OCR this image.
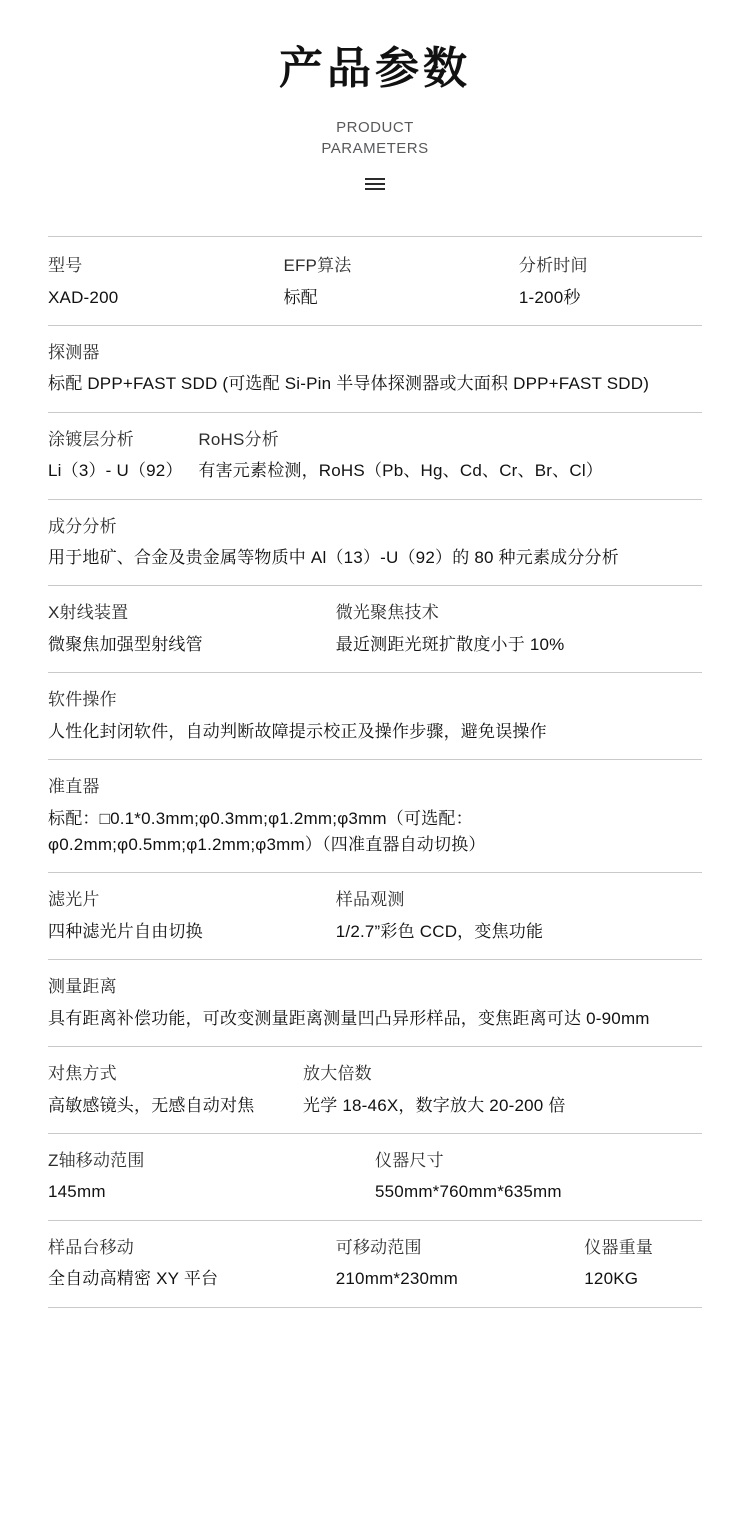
产品参数
PRODUCT
PARAMETERS
型号
XAD-200
EFP算法
标配
分析时间
1-200秒
探测器
标配 DPP+FAST SDD (可选配 Si-Pin 半导体探测器或大面积 DPP+FAST SDD)
涂镀层分析
Li（3）- U（92）
RoHS分析
有害元素检测，RoHS（Pb、Hg、Cd、Cr、Br、Cl）
成分分析
用于地矿、合金及贵金属等物质中 Al（13）-U（92）的 80 种元素成分分析
X射线装置
微聚焦加强型射线管
微光聚焦技术
最近测距光斑扩散度小于 10%
软件操作
人性化封闭软件，自动判断故障提示校正及操作步骤，避免误操作
准直器
标配：□0.1*0.3mm;φ0.3mm;φ1.2mm;φ3mm（可选配：φ0.2mm;φ0.5mm;φ1.2mm;φ3mm）（四准直器自动切换）
滤光片
四种滤光片自由切换
样品观测
1/2.7”彩色 CCD，变焦功能
测量距离
具有距离补偿功能，可改变测量距离测量凹凸异形样品，变焦距离可达 0-90mm
对焦方式
高敏感镜头，无感自动对焦
放大倍数
光学 18-46X，数字放大 20-200 倍
Z轴移动范围
145mm
仪器尺寸
550mm*760mm*635mm
样品台移动
全自动高精密 XY 平台
可移动范围
210mm*230mm
仪器重量
120KG
